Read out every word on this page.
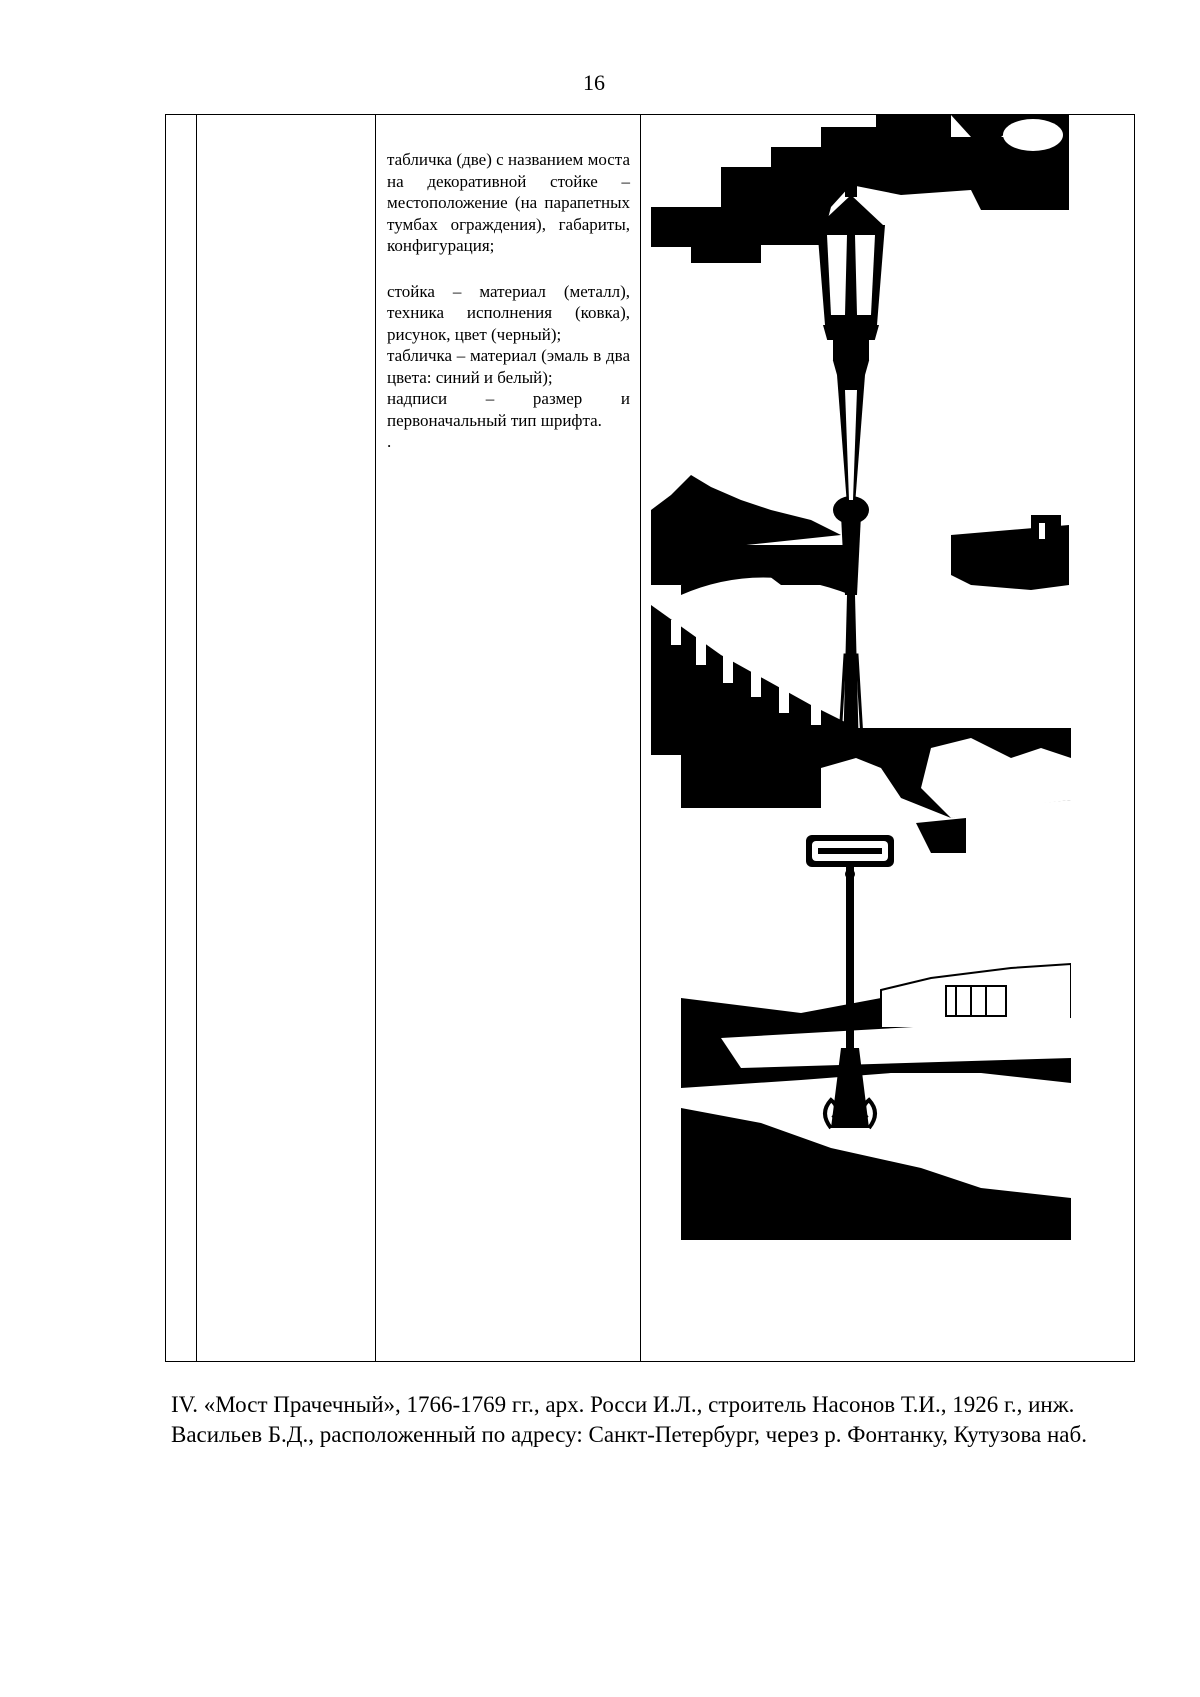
16

табличка (две) с названием моста на декоративной стойке – местоположение (на парапетных тумбах ограждения), габариты, конфигурация;

стойка – материал (металл), техника исполнения (ковка), рисунок, цвет (черный);

табличка – материал (эмаль в два цвета: синий и белый);

надписи – размер и первоначальный тип шрифта.

.

IV. «Мост Прачечный», 1766-1769 гг., арх. Росси И.Л., строитель Насонов Т.И., 1926 г., инж. Васильев Б.Д., расположенный по адресу: Санкт-Петербург, через р. Фонтанку, Кутузова наб.
